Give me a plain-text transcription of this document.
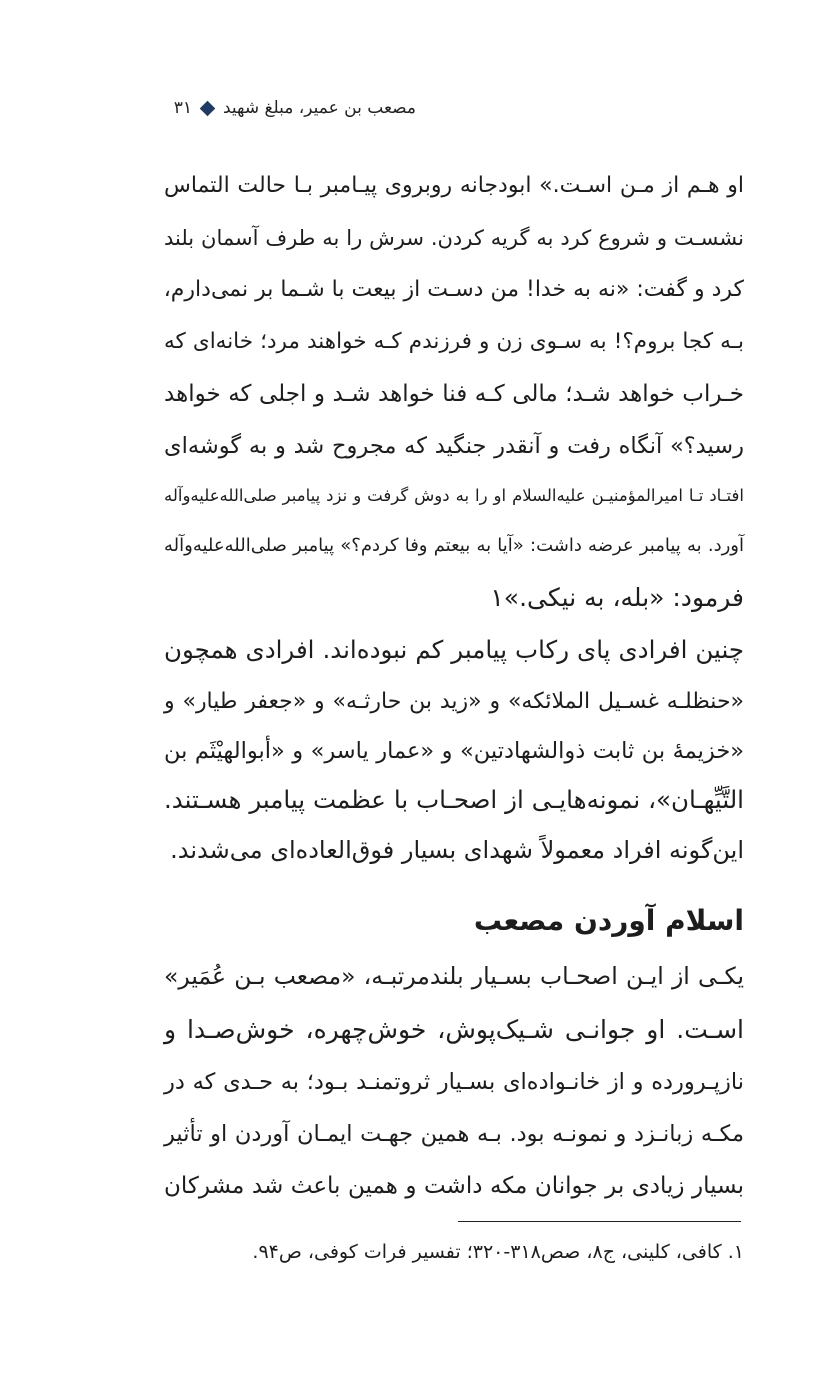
مصعب بن عمیر، مبلغ شهید
۳۱
او هـم از مـن اسـت.» ابودجانه روبروی پیـامبر بـا حالت التماس
نشسـت و شروع کرد به گریه کردن. سرش را به طرف آسمان بلند
کرد و گفت: «نه به خدا! من دسـت از بیعت با شـما بر نمی‌دارم،
بـه کجا بروم؟! به سـوی زن و فرزندم کـه خواهند مرد؛ خانه‌ای که
خـراب خواهد شـد؛ مالی کـه فنا خواهد شـد و اجلی که خواهد
رسید؟» آنگاه رفت و آنقدر جنگید که مجروح شد و به گوشه‌ای
افتـاد تـا امیرالمؤمنیـن علیه‌السلام او را به دوش گرفت و نزد پیامبر صلی‌الله‌علیه‌وآله
آورد. به پیامبر عرضه داشت: «آیا به بیعتم وفا کردم؟» پیامبر صلی‌الله‌علیه‌وآله
فرمود: «بله، به نیکی.»۱
چنین افرادی پای رکاب پیامبر کم نبوده‌اند. افرادی همچون
«حنظلـه غسـیل الملائکه» و «زید بن حارثـه» و «جعفر طیار» و
«خزیمهٔ بن ثابت ذوالشهادتین» و «عمار یاسر» و «أبوالهیْثَم بن
التَّیِّهـان»، نمونه‌هایـی از اصحـاب با عظمت پیامبر هسـتند.
این‌گونه افراد معمولاً شهدای بسیار فوق‌العاده‌ای می‌شدند.
اسلام آوردن مصعب
یکـی از ایـن اصحـاب بسـیار بلندمرتبـه، «مصعب بـن عُمَیر»
اسـت. او جوانـی شـیک‌پوش، خوش‌چهره، خوش‌صـدا و
نازپـرورده و از خانـواده‌ای بسـیار ثروتمنـد بـود؛ به حـدی که در
مکـه زبانـزد و نمونـه بود. بـه همین جهـت ایمـان آوردن او تأثیر
بسیار زیادی بر جوانان مکه داشت و همین باعث شد مشرکان
۱. کافی، کلینی، ج۸، صص۳۱۸-۳۲۰؛ تفسیر فرات کوفی، ص۹۴.
